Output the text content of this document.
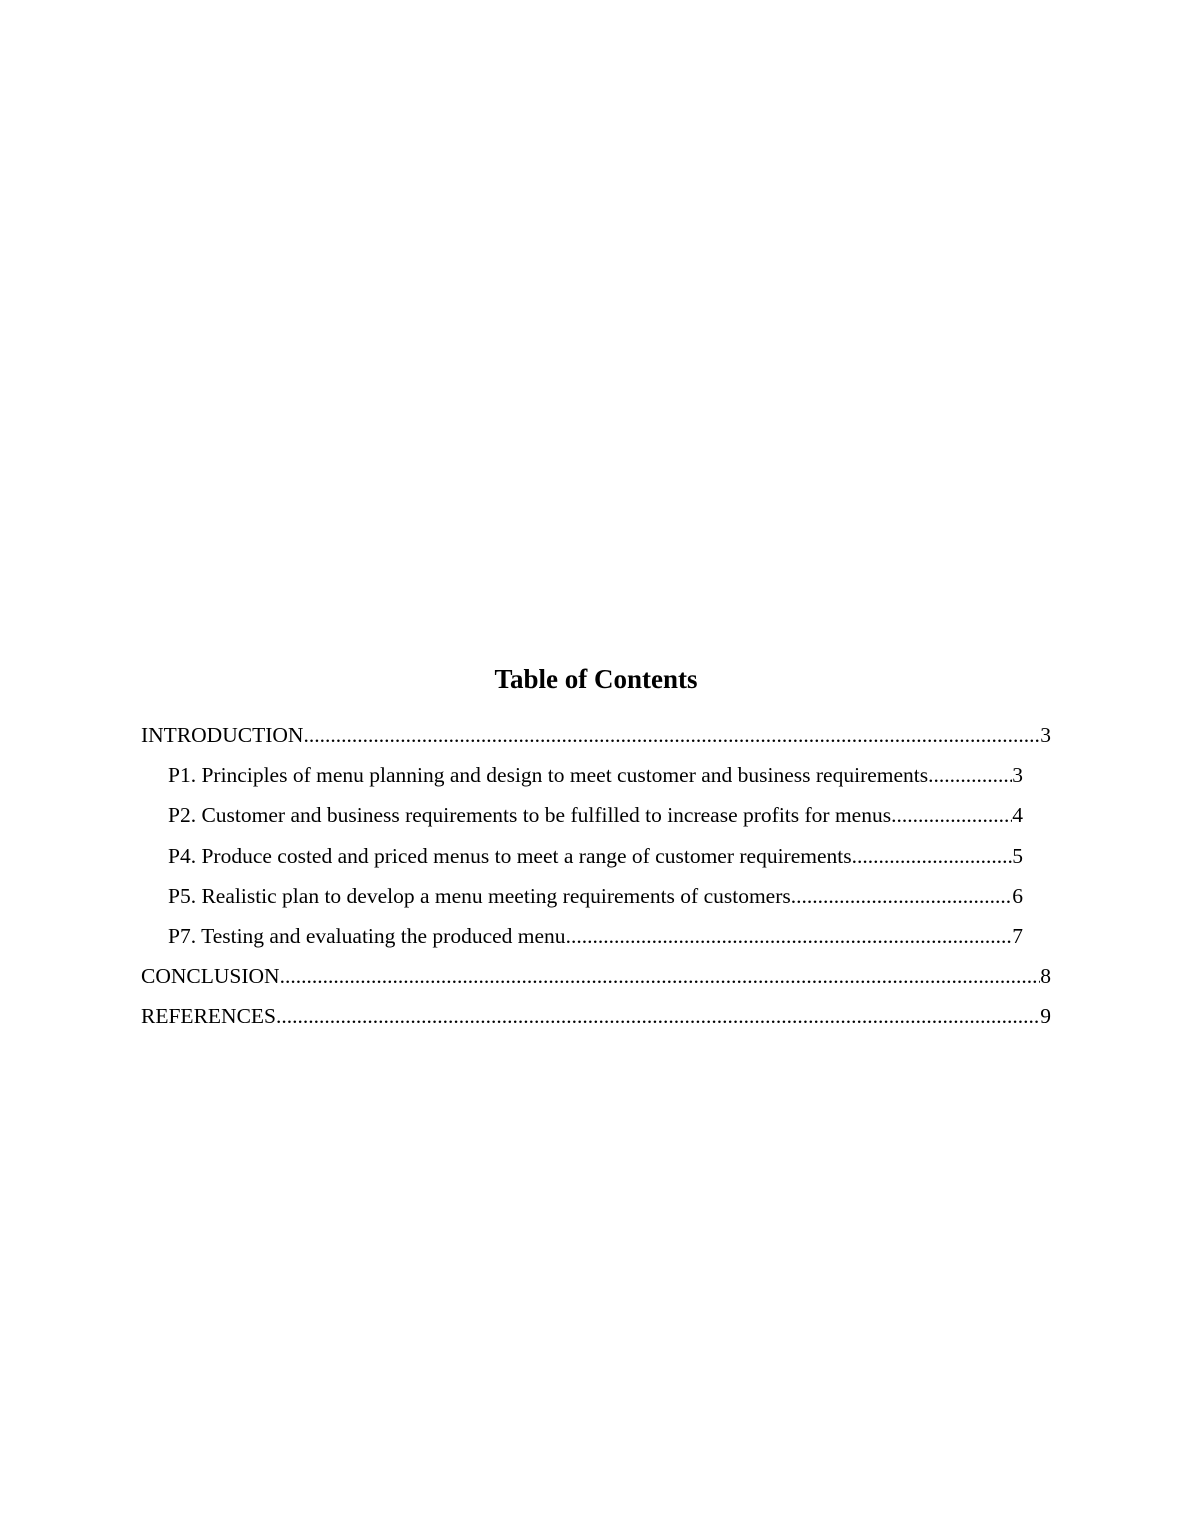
Table of Contents
INTRODUCTION .....	3
P1. Principles of menu planning and design to meet customer and business requirements .....	3
P2. Customer and business requirements to be fulfilled to increase profits for menus .....	4
P4. Produce costed and priced menus to meet a range of customer requirements .....	5
P5. Realistic plan to develop a menu meeting requirements of customers .....	6
P7. Testing and evaluating the produced menu .....	7
CONCLUSION .....	8
REFERENCES .....	9
